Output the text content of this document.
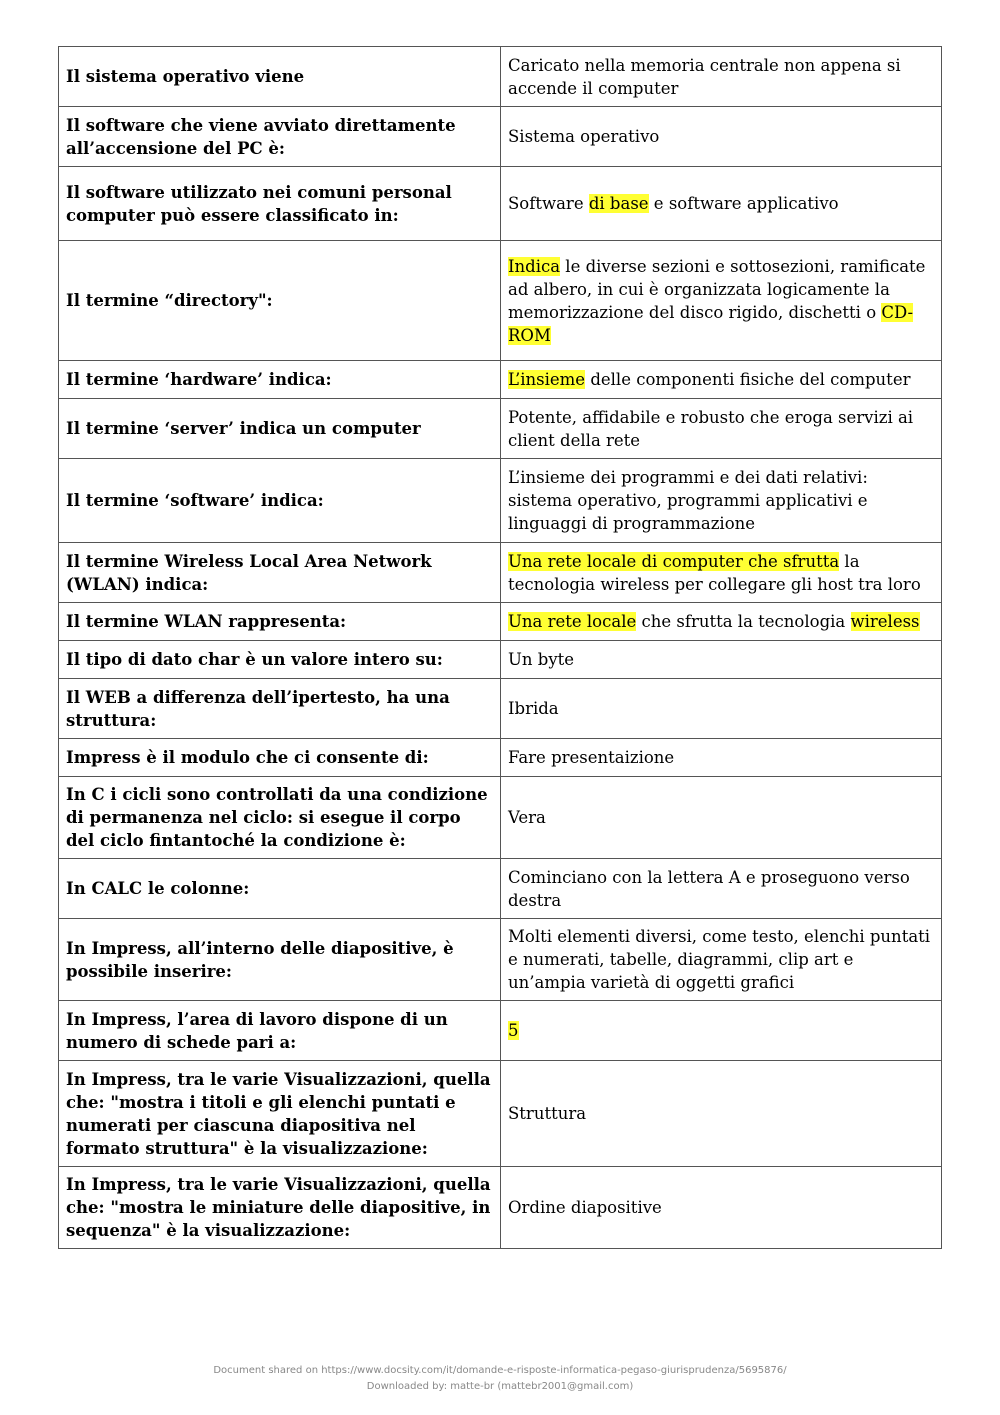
Il sistema operativo viene	Caricato nella memoria centrale non appena si accende il computer
Il software che viene avviato direttamente all’accensione del PC è:	Sistema operativo
Il software utilizzato nei comuni personal computer può essere classificato in:	Software di base e software applicativo
Il termine “directory":	Indica le diverse sezioni e sottosezioni, ramificate ad albero, in cui è organizzata logicamente la memorizzazione del disco rigido, dischetti o CD-ROM
Il termine ‘hardware’ indica:	L’insieme delle componenti fisiche del computer
Il termine ‘server’ indica un computer	Potente, affidabile e robusto che eroga servizi ai client della rete
Il termine ‘software’ indica:	L’insieme dei programmi e dei dati relativi: sistema operativo, programmi applicativi e linguaggi di programmazione
Il termine Wireless Local Area Network (WLAN) indica:	Una rete locale di computer che sfrutta la tecnologia wireless per collegare gli host tra loro
Il termine WLAN rappresenta:	Una rete locale che sfrutta la tecnologia wireless
Il tipo di dato char è un valore intero su:	Un byte
Il WEB a differenza dell’ipertesto, ha una struttura:	Ibrida
Impress è il modulo che ci consente di:	Fare presentaizione
In C i cicli sono controllati da una condizione di permanenza nel ciclo: si esegue il corpo del ciclo fintantoché la condizione è:	Vera
In CALC le colonne:	Cominciano con la lettera A e proseguono verso destra
In Impress, all’interno delle diapositive, è possibile inserire:	Molti elementi diversi, come testo, elenchi puntati e numerati, tabelle, diagrammi, clip art e un’ampia varietà di oggetti grafici
In Impress, l’area di lavoro dispone di un numero di schede pari a:	5
In Impress, tra le varie Visualizzazioni, quella che: "mostra i titoli e gli elenchi puntati e numerati per ciascuna diapositiva nel formato struttura" è la visualizzazione:	Struttura
In Impress, tra le varie Visualizzazioni, quella che: "mostra le miniature delle diapositive, in sequenza" è la visualizzazione:	Ordine diapositive
Document shared on https://www.docsity.com/it/domande-e-risposte-informatica-pegaso-giurisprudenza/5695876/
Downloaded by: matte-br (mattebr2001@gmail.com)
